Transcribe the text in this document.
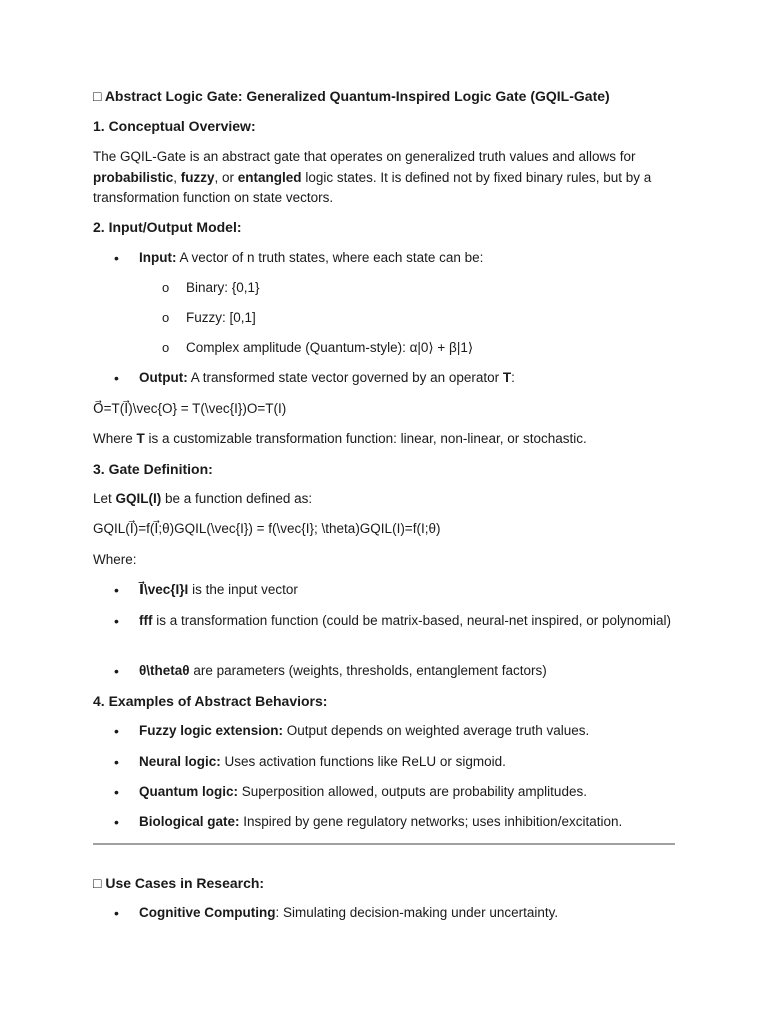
□ Abstract Logic Gate: Generalized Quantum-Inspired Logic Gate (GQIL-Gate)
1. Conceptual Overview:
The GQIL-Gate is an abstract gate that operates on generalized truth values and allows for
probabilistic, fuzzy, or entangled logic states. It is defined not by fixed binary rules, but by a transformation function on state vectors.
2. Input/Output Model:
• Input: A vector of n truth states, where each state can be:
o Binary: {0,1}
o Fuzzy: [0,1]
o Complex amplitude (Quantum-style): α|0⟩ + β|1⟩
• Output: A transformed state vector governed by an operator T:
O⃗=T(I⃗)\vec{O} = T(\vec{I})O=T(I)
Where T is a customizable transformation function: linear, non-linear, or stochastic.
3. Gate Definition:
Let GQIL(I) be a function defined as:
GQIL(I⃗)=f(I⃗;θ)GQIL(\vec{I}) = f(\vec{I}; \theta)GQIL(I)=f(I;θ)
Where:
• I⃗\vec{I}I is the input vector
• fff is a transformation function (could be matrix-based, neural-net inspired, or polynomial)
• θ\thetaθ are parameters (weights, thresholds, entanglement factors)
4. Examples of Abstract Behaviors:
• Fuzzy logic extension: Output depends on weighted average truth values.
• Neural logic: Uses activation functions like ReLU or sigmoid.
• Quantum logic: Superposition allowed, outputs are probability amplitudes.
• Biological gate: Inspired by gene regulatory networks; uses inhibition/excitation.
□ Use Cases in Research:
• Cognitive Computing: Simulating decision-making under uncertainty.
